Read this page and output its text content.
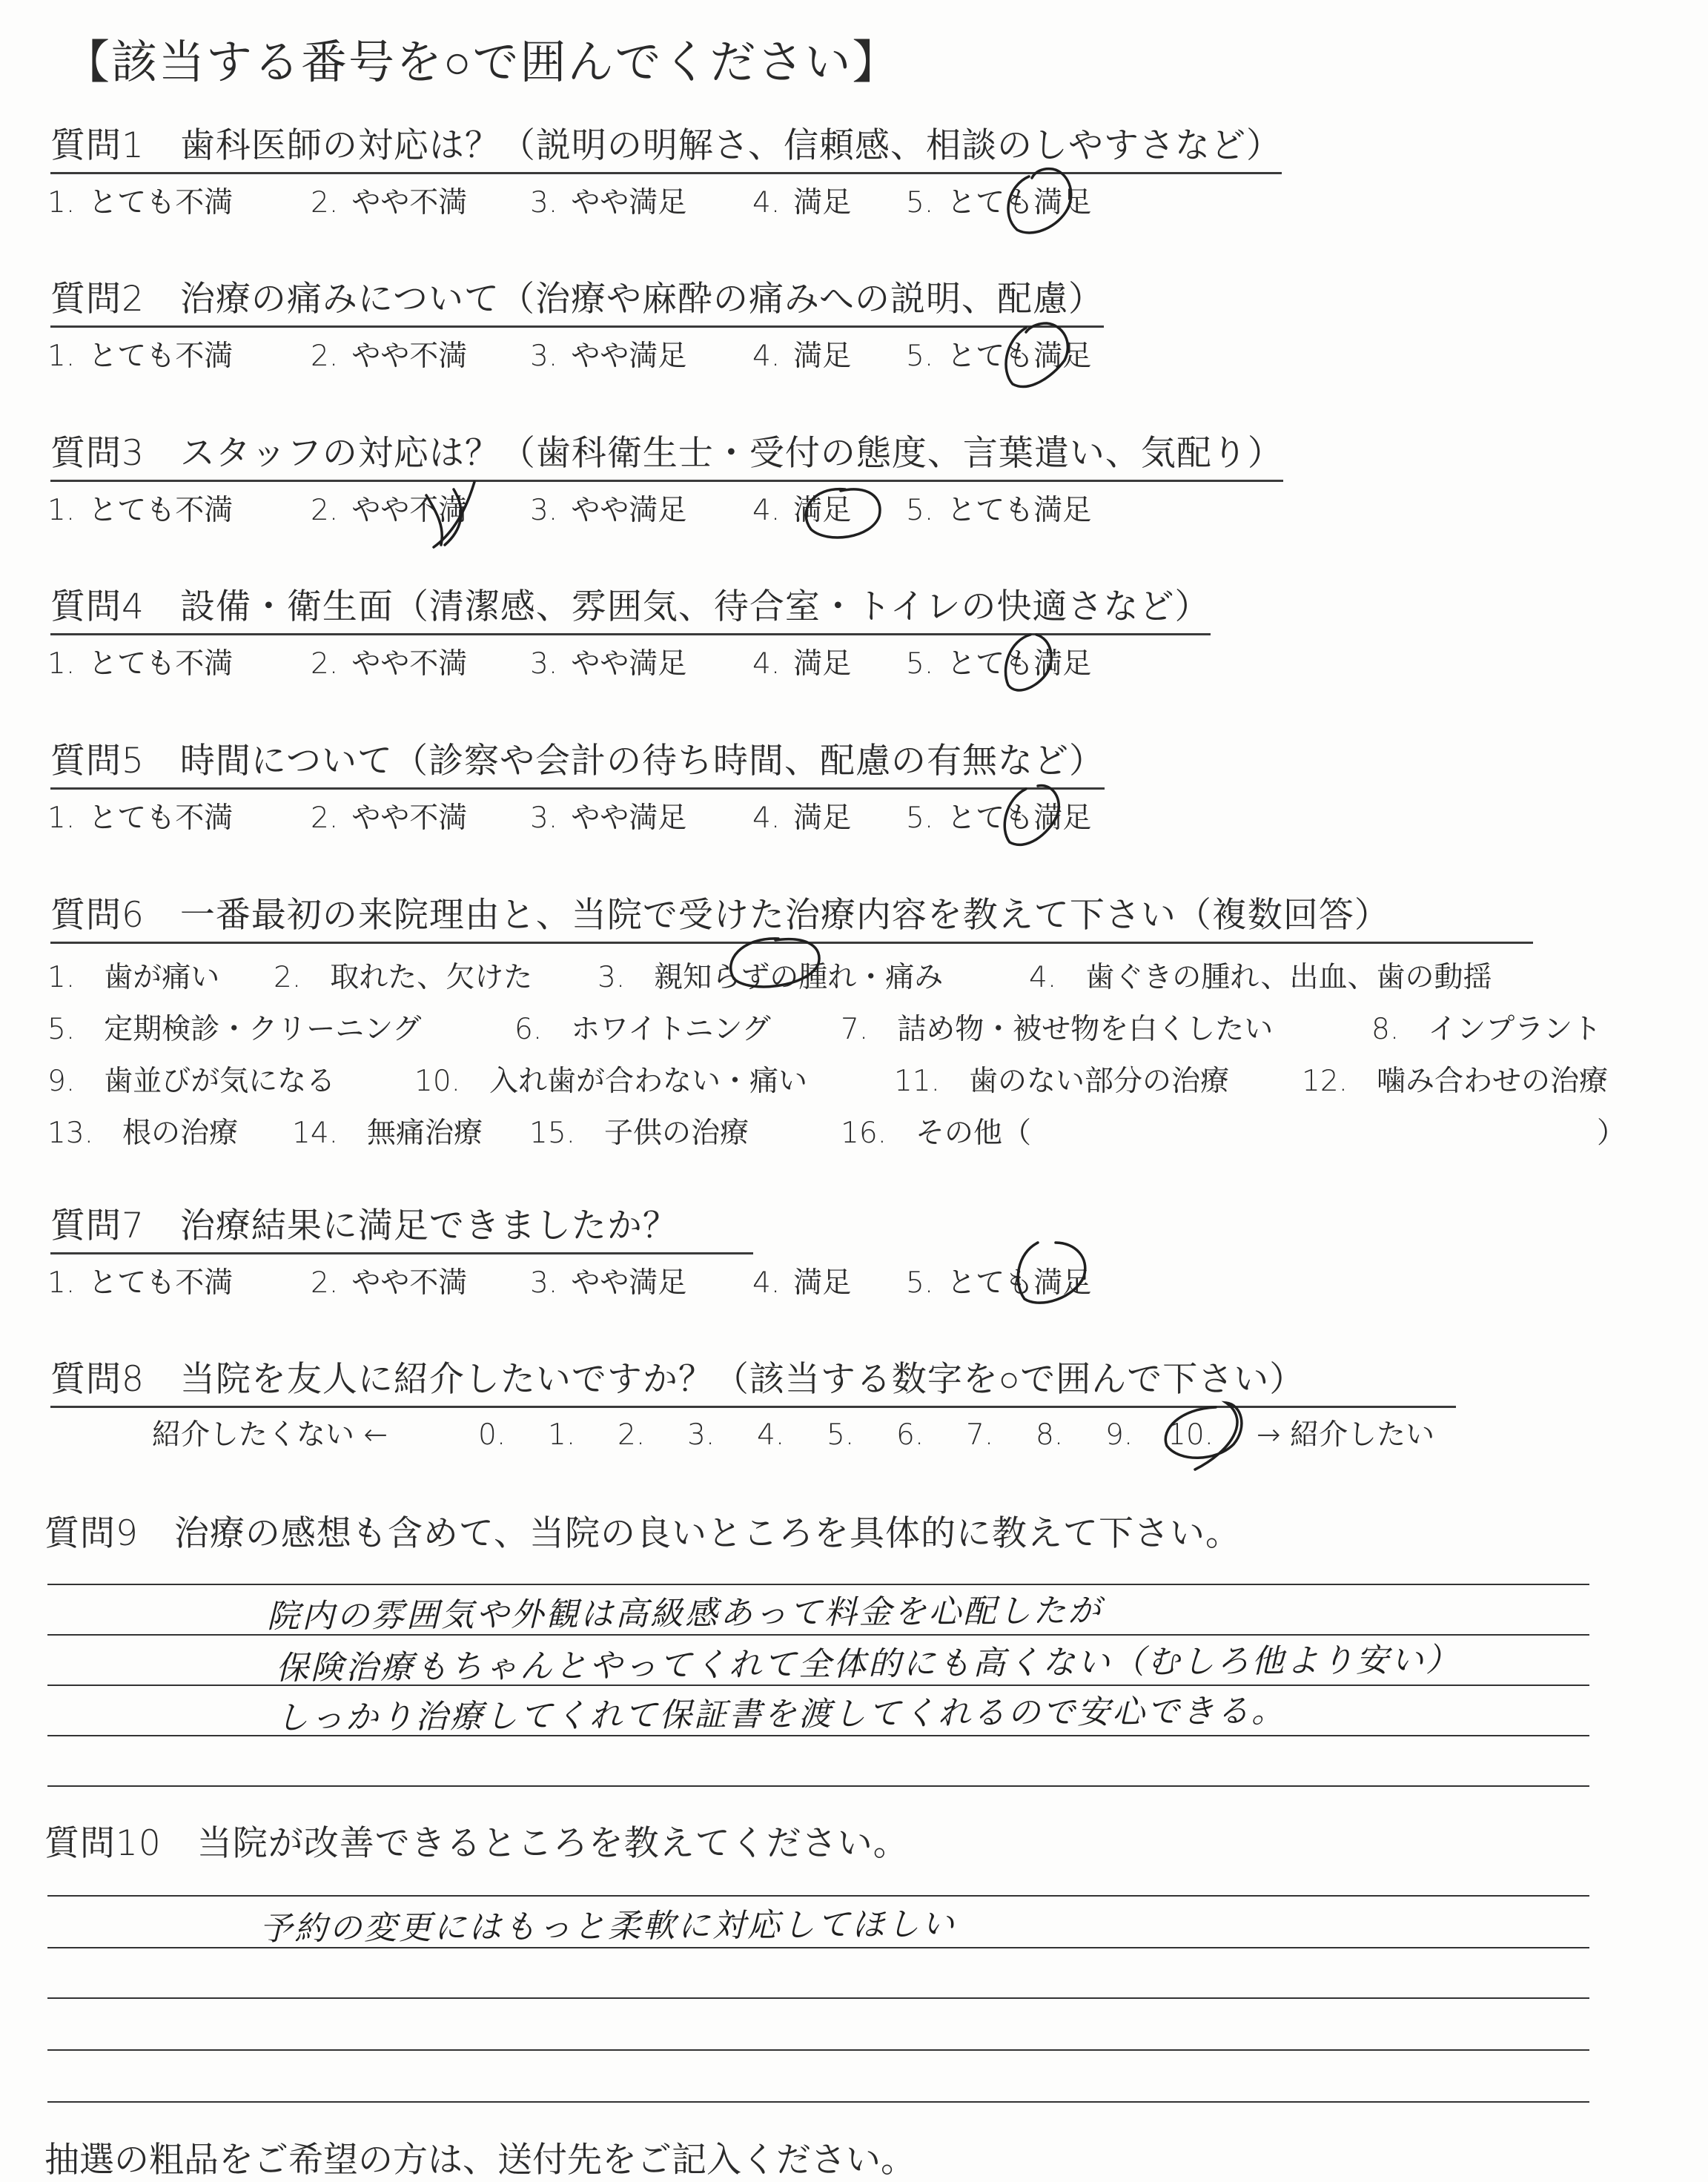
【該当する番号を○で囲んでください】
質問1　歯科医師の対応は？（説明の明解さ、信頼感、相談のしやすさなど）
1. とても不満	2. やや不満 3. やや満足 4. 満足 5. とても満足
質問2　治療の痛みについて（治療や麻酔の痛みへの説明、配慮）
1. とても不満	2. やや不満 3. やや満足 4. 満足 5. とても満足
質問3　スタッフの対応は？（歯科衛生士・受付の態度、言葉遣い、気配り）
1. とても不満	2. やや不満 3. やや満足 4. 満足 5. とても満足
質問4　設備・衛生面（清潔感、雰囲気、待合室・トイレの快適さなど）
1. とても不満	2. やや不満 3. やや満足 4. 満足 5. とても満足
質問5　時間について（診察や会計の待ち時間、配慮の有無など）
1. とても不満	2. やや不満 3. やや満足 4. 満足 5. とても満足
質問6　一番最初の来院理由と、当院で受けた治療内容を教えて下さい（複数回答）
1.　歯が痛い 2.　取れた、欠けた 3.　親知らずの腫れ・痛み	4.　歯ぐきの腫れ、出血、歯の動揺
5.　定期検診・クリーニング	6.　ホワイトニング 7.　詰め物・被せ物を白くしたい	8.　インプラント
9.　歯並びが気になる	10.　入れ歯が合わない・痛い	11.　歯のない部分の治療	12.　噛み合わせの治療
13.　根の治療 14.　無痛治療 15.　子供の治療	16.　その他（	）
質問7　治療結果に満足できましたか？
1. とても不満	2. やや不満 3. やや満足 4. 満足 5. とても満足
質問8　当院を友人に紹介したいですか？（該当する数字を○で囲んで下さい）
紹介したくない ←	0. 1. 2. 3. 4. 5. 6. 7. 8. 9. 10. → 紹介したい
質問9　治療の感想も含めて、当院の良いところを具体的に教えて下さい。
院内の雰囲気や外観は高級感あって料金を心配したが
保険治療もちゃんとやってくれて全体的にも高くない（むしろ他より安い）
しっかり治療してくれて保証書を渡してくれるので安心できる。
質問10　当院が改善できるところを教えてください。
予約の変更にはもっと柔軟に対応してほしい
抽選の粗品をご希望の方は、送付先をご記入ください。
